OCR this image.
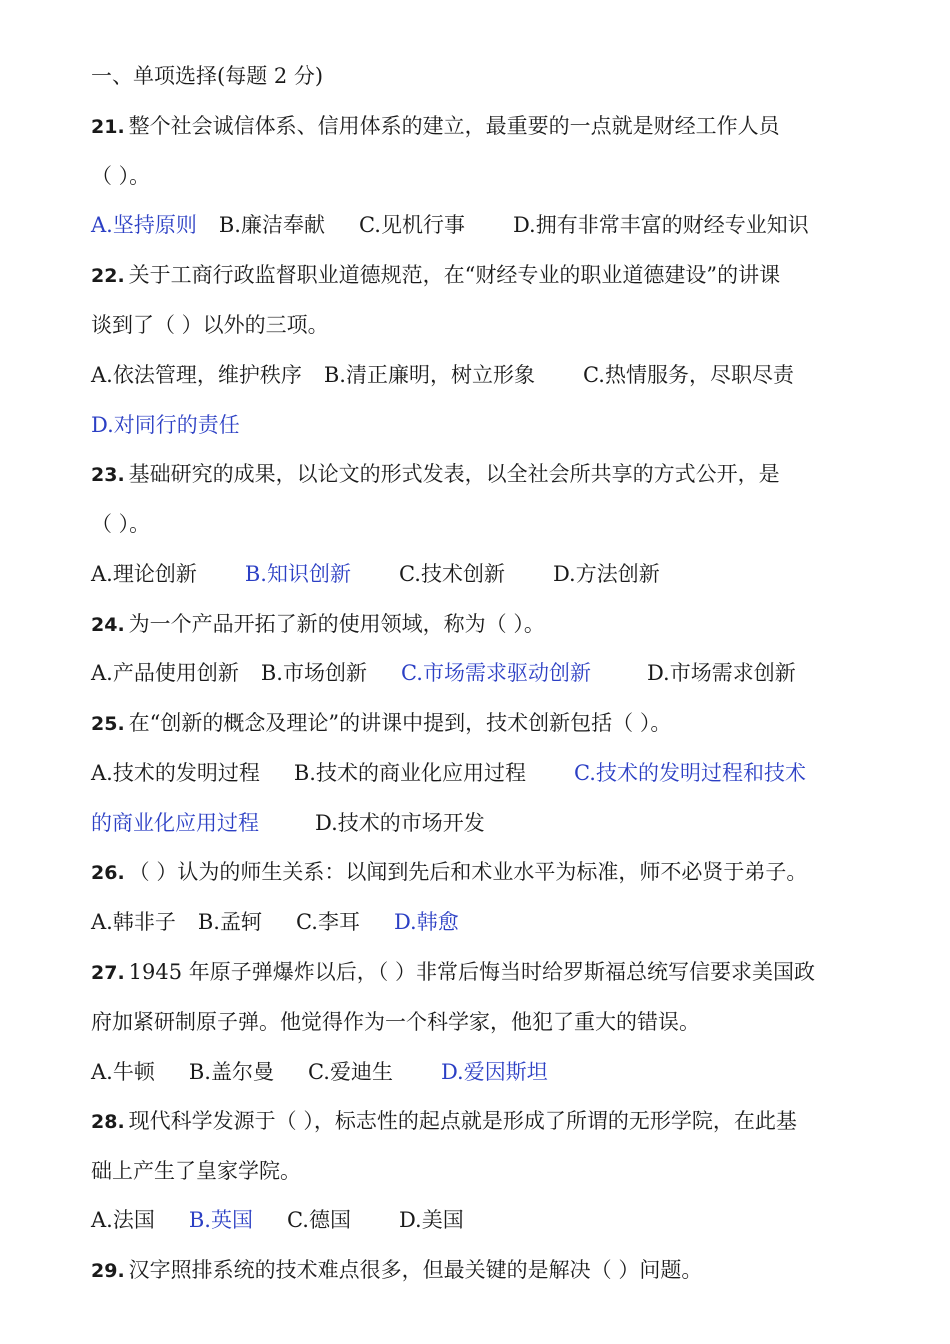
一、单项选择(每题 2 分)
21. 整个社会诚信体系、信用体系的建立，最重要的一点就是财经工作人员
（ ）。
A.坚持原则 B.廉洁奉献 C.见机行事 D.拥有非常丰富的财经专业知识
22. 关于工商行政监督职业道德规范，在“财经专业的职业道德建设”的讲课
谈到了（ ）以外的三项。
A.依法管理，维护秩序 B.清正廉明，树立形象 C.热情服务，尽职尽责
D.对同行的责任
23. 基础研究的成果，以论文的形式发表，以全社会所共享的方式公开，是
（ ）。
A.理论创新 B.知识创新 C.技术创新 D.方法创新
24. 为一个产品开拓了新的使用领域，称为（ ）。
A.产品使用创新 B.市场创新 C.市场需求驱动创新	D.市场需求创新
25. 在“创新的概念及理论”的讲课中提到，技术创新包括（ ）。
A.技术的发明过程 B.技术的商业化应用过程 C.技术的发明过程和技术
的商业化应用过程	D.技术的市场开发
26. （ ）认为的师生关系：以闻到先后和术业水平为标准，师不必贤于弟子。
A.韩非子 B.孟轲 C.李耳 D.韩愈
27. 1945 年原子弹爆炸以后，（ ）非常后悔当时给罗斯福总统写信要求美国政
府加紧研制原子弹。他觉得作为一个科学家，他犯了重大的错误。
A.牛顿 B.盖尔曼 C.爱迪生 D.爱因斯坦
28. 现代科学发源于（ ），标志性的起点就是形成了所谓的无形学院，在此基
础上产生了皇家学院。
A.法国 B.英国 C.德国 D.美国
29. 汉字照排系统的技术难点很多，但最关键的是解决（ ）问题。
